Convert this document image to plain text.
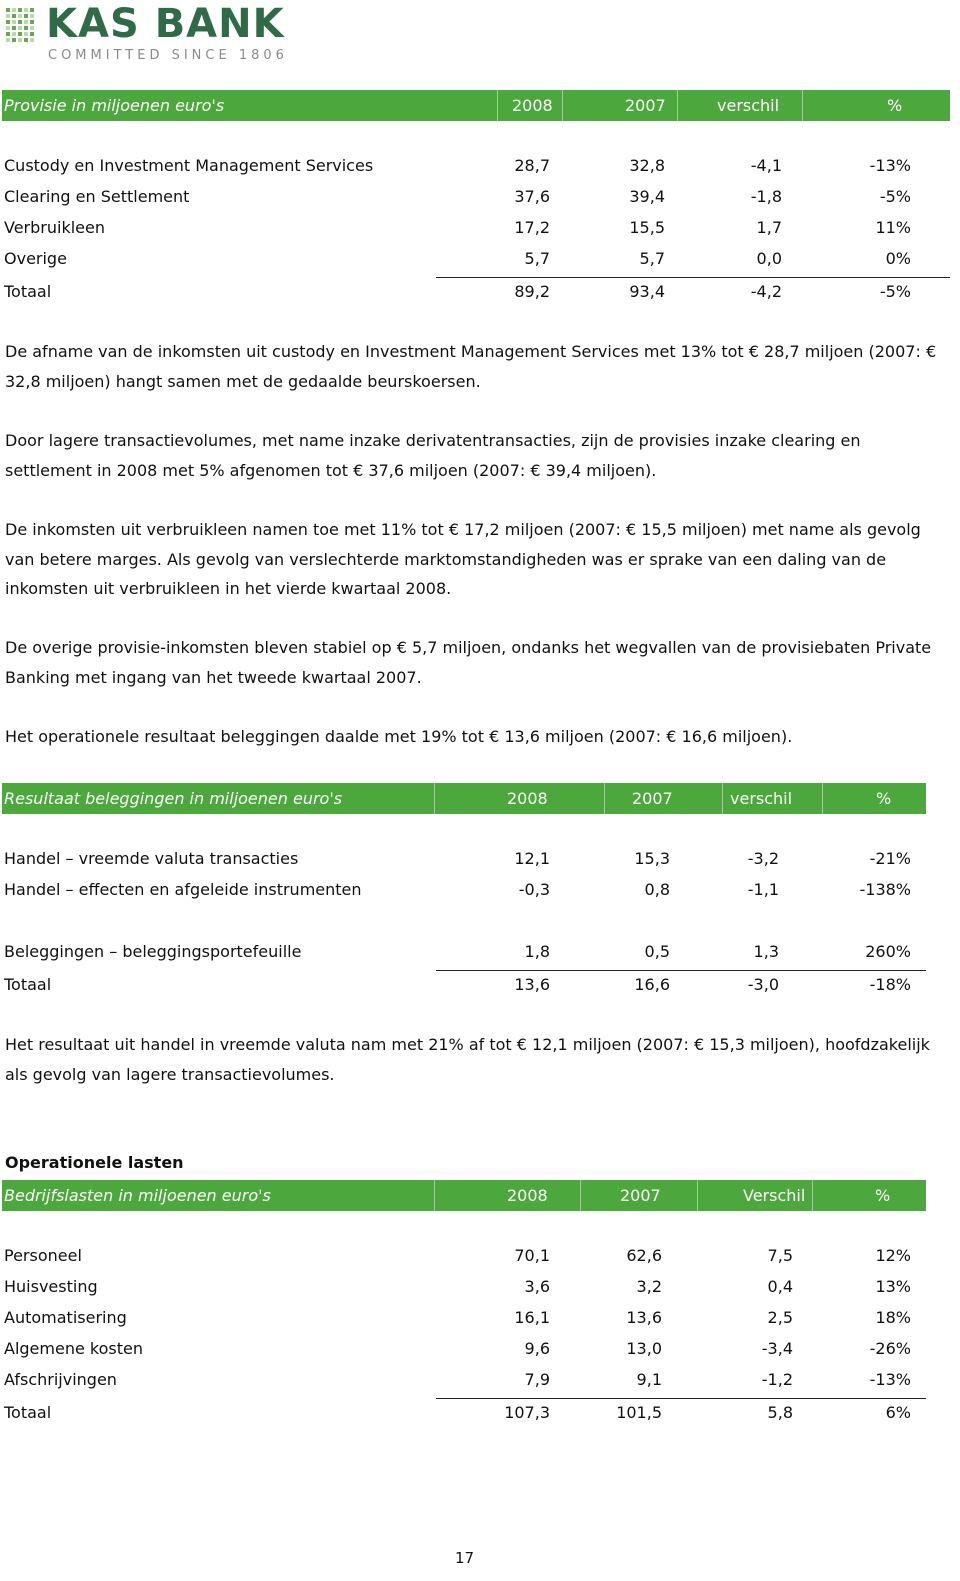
KAS BANK
COMMITTED SINCE 1806
Provisie in miljoenen euro's	2008	2007	verschil	%
Custody en Investment Management Services	28,7	32,8	-4,1	-13%
Clearing en Settlement	37,6	39,4	-1,8	-5%
Verbruikleen	17,2	15,5	1,7	11%
Overige	5,7	5,7	0,0	0%
Totaal	89,2	93,4	-4,2	-5%

De afname van de inkomsten uit custody en Investment Management Services met 13% tot € 28,7 miljoen (2007: € 32,8 miljoen) hangt samen met de gedaalde beurskoersen.

Door lagere transactievolumes, met name inzake derivatentransacties, zijn de provisies inzake clearing en settlement in 2008 met 5% afgenomen tot € 37,6 miljoen (2007: € 39,4 miljoen).

De inkomsten uit verbruikleen namen toe met 11% tot € 17,2 miljoen (2007: € 15,5 miljoen) met name als gevolg van betere marges. Als gevolg van verslechterde marktomstandigheden was er sprake van een daling van de inkomsten uit verbruikleen in het vierde kwartaal 2008.

De overige provisie-inkomsten bleven stabiel op € 5,7 miljoen, ondanks het wegvallen van de provisiebaten Private Banking met ingang van het tweede kwartaal 2007.

Het operationele resultaat beleggingen daalde met 19% tot € 13,6 miljoen (2007: € 16,6 miljoen).

Resultaat beleggingen in miljoenen euro's	2008	2007	verschil	%
Handel – vreemde valuta transacties	12,1	15,3	-3,2	-21%
Handel – effecten en afgeleide instrumenten	-0,3	0,8	-1,1	-138%
Beleggingen – beleggingsportefeuille	1,8	0,5	1,3	260%
Totaal	13,6	16,6	-3,0	-18%

Het resultaat uit handel in vreemde valuta nam met 21% af tot € 12,1 miljoen (2007: € 15,3 miljoen), hoofdzakelijk als gevolg van lagere transactievolumes.

Operationele lasten
Bedrijfslasten in miljoenen euro's	2008	2007	Verschil	%
Personeel	70,1	62,6	7,5	12%
Huisvesting	3,6	3,2	0,4	13%
Automatisering	16,1	13,6	2,5	18%
Algemene kosten	9,6	13,0	-3,4	-26%
Afschrijvingen	7,9	9,1	-1,2	-13%
Totaal	107,3	101,5	5,8	6%
17
